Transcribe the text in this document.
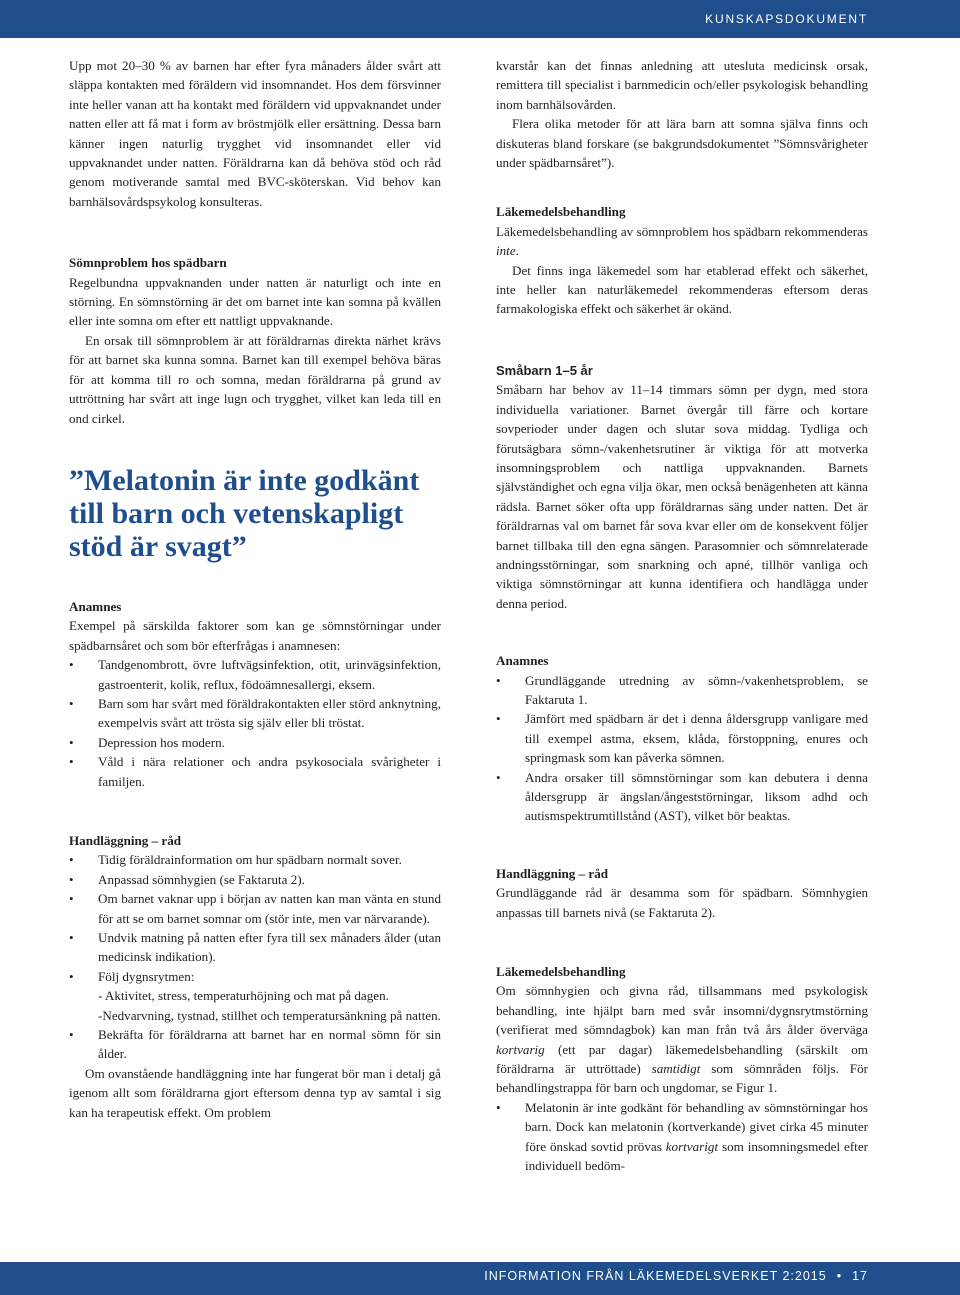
KUNSKAPSDOKUMENT

Upp mot 20–30 % av barnen har efter fyra månaders ålder svårt att släppa kontakten med föräldern vid insomnandet. Hos dem försvinner inte heller vanan att ha kontakt med föräldern vid uppvaknandet under natten eller att få mat i form av bröstmjölk eller ersättning. Dessa barn känner ingen naturlig trygghet vid insomnandet eller vid uppvaknandet under natten. Föräldrarna kan då behöva stöd och råd genom motiverande samtal med BVC-sköterskan. Vid behov kan barnhälsovårdspsykolog konsulteras.

Sömnproblem hos spädbarn

Regelbundna uppvaknanden under natten är naturligt och inte en störning. En sömnstörning är det om barnet inte kan somna på kvällen eller inte somna om efter ett nattligt uppvaknande.

En orsak till sömnproblem är att föräldrarnas direkta närhet krävs för att barnet ska kunna somna. Barnet kan till exempel behöva bäras för att komma till ro och somna, medan föräldrarna på grund av uttröttning har svårt att inge lugn och trygghet, vilket kan leda till en ond cirkel.

”Melatonin är inte godkänt till barn och vetenskapligt stöd är svagt”
Anamnes

Exempel på särskilda faktorer som kan ge sömnstörningar under spädbarnsåret och som bör efterfrågas i anamnesen:

• Tandgenombrott, övre luftvägsinfektion, otit, urinvägsinfektion, gastroenterit, kolik, reflux, födoämnesallergi, eksem.
• Barn som har svårt med föräldrakontakten eller störd anknytning, exempelvis svårt att trösta sig själv eller bli tröstat.
• Depression hos modern.
• Våld i nära relationer och andra psykosociala svårigheter i familjen.
Handläggning – råd
• Tidig föräldrainformation om hur spädbarn normalt sover.
• Anpassad sömnhygien (se Faktaruta 2).
• Om barnet vaknar upp i början av natten kan man vänta en stund för att se om barnet somnar om (stör inte, men var närvarande).
• Undvik matning på natten efter fyra till sex månaders ålder (utan medicinsk indikation).
• Följ dygnsrytmen:
- Aktivitet, stress, temperaturhöjning och mat på dagen.
-Nedvarvning, tystnad, stillhet och temperatursänkning på natten.
• Bekräfta för föräldrarna att barnet har en normal sömn för sin ålder.

Om ovanstående handläggning inte har fungerat bör man i detalj gå igenom allt som föräldrarna gjort eftersom denna typ av samtal i sig kan ha terapeutisk effekt. Om problem

kvarstår kan det finnas anledning att utesluta medicinsk orsak, remittera till specialist i barnmedicin och/eller psykologisk behandling inom barnhälsovården.

Flera olika metoder för att lära barn att somna själva finns och diskuteras bland forskare (se bakgrundsdokumentet ”Sömnsvårigheter under spädbarnsåret”).

Läkemedelsbehandling

Läkemedelsbehandling av sömnproblem hos spädbarn rekommenderas inte.

Det finns inga läkemedel som har etablerad effekt och säkerhet, inte heller kan naturläkemedel rekommenderas eftersom deras farmakologiska effekt och säkerhet är okänd.

Småbarn 1–5 år

Småbarn har behov av 11–14 timmars sömn per dygn, med stora individuella variationer. Barnet övergår till färre och kortare sovperioder under dagen och slutar sova middag. Tydliga och förutsägbara sömn-/vakenhetsrutiner är viktiga för att motverka insomningsproblem och nattliga uppvaknanden. Barnets självständighet och egna vilja ökar, men också benägenheten att känna rädsla. Barnet söker ofta upp föräldrarnas säng under natten. Det är föräldrarnas val om barnet får sova kvar eller om de konsekvent följer barnet tillbaka till den egna sängen. Parasomnier och sömnrelaterade andningsstörningar, som snarkning och apné, tillhör vanliga och viktiga sömnstörningar att kunna identifiera och handlägga under denna period.

Anamnes
• Grundläggande utredning av sömn-/vakenhetsproblem, se Faktaruta 1.
• Jämfört med spädbarn är det i denna åldersgrupp vanligare med till exempel astma, eksem, klåda, förstoppning, enures och springmask som kan påverka sömnen.
• Andra orsaker till sömnstörningar som kan debutera i denna åldersgrupp är ängslan/ångeststörningar, liksom adhd och autismspektrumtillstånd (AST), vilket bör beaktas.
Handläggning – råd

Grundläggande råd är desamma som för spädbarn. Sömnhygien anpassas till barnets nivå (se Faktaruta 2).

Läkemedelsbehandling

Om sömnhygien och givna råd, tillsammans med psykologisk behandling, inte hjälpt barn med svår insomni/dygnsrytmstörning (verifierat med sömndagbok) kan man från två års ålder överväga kortvarig (ett par dagar) läkemedelsbehandling (särskilt om föräldrarna är uttröttade) samtidigt som sömnråden följs. För behandlingstrappa för barn och ungdomar, se Figur 1.

• Melatonin är inte godkänt för behandling av sömnstörningar hos barn. Dock kan melatonin (kortverkande) givet cirka 45 minuter före önskad sovtid prövas kortvarigt som insomningsmedel efter individuell bedöm-
INFORMATION FRÅN LÄKEMEDELSVERKET 2:2015 • 17
